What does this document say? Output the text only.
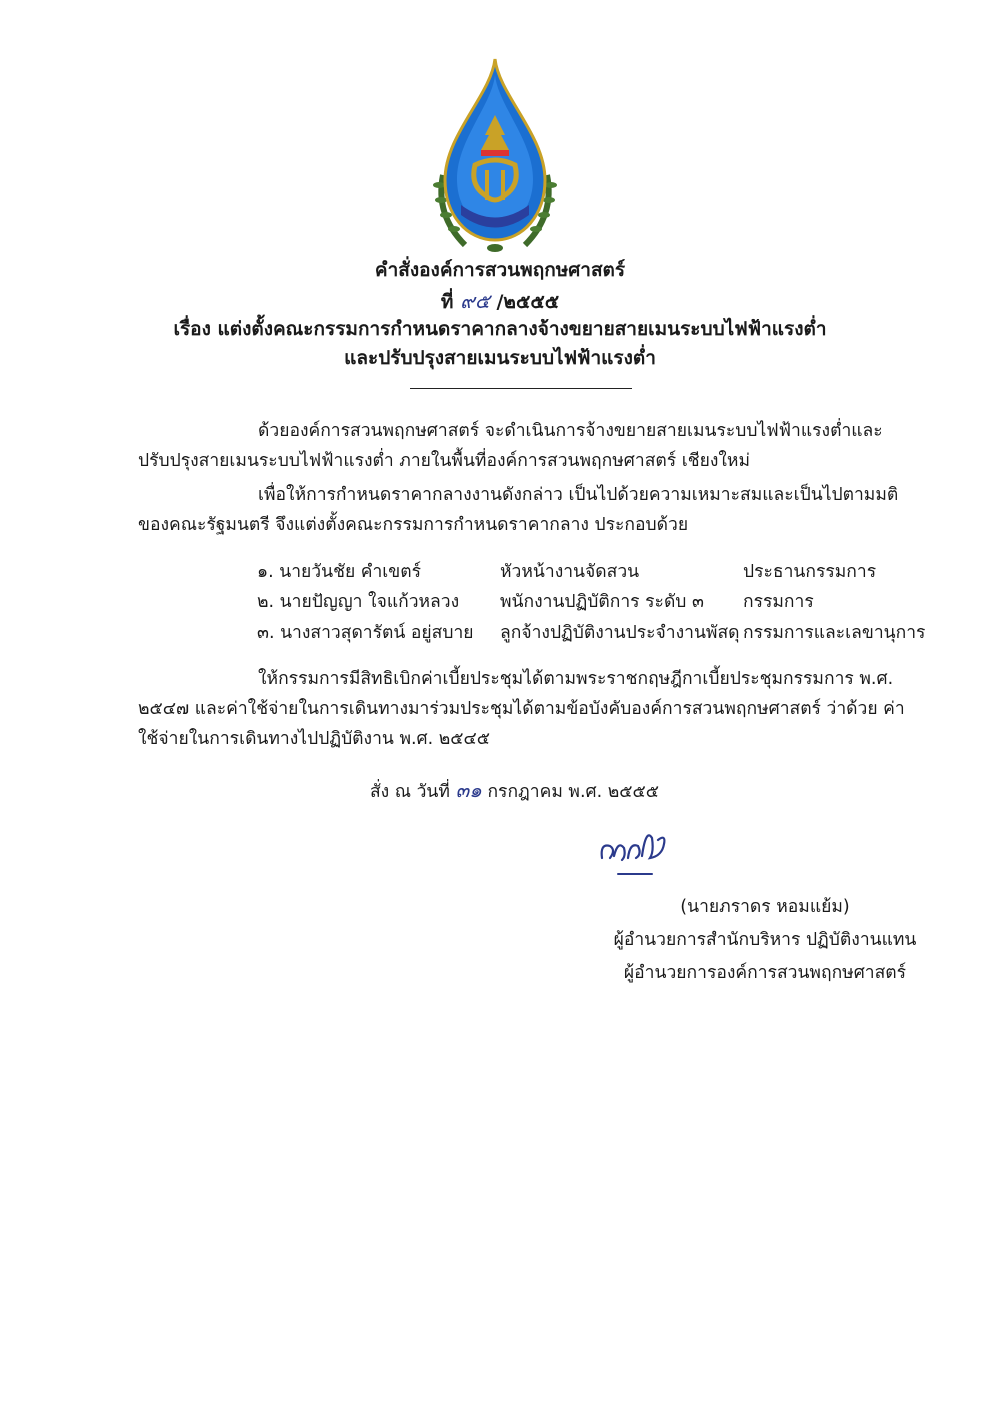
คำสั่งองค์การสวนพฤกษศาสตร์
ที่ ๙๕ /๒๕๕๕
เรื่อง แต่งตั้งคณะกรรมการกำหนดราคากลางจ้างขยายสายเมนระบบไฟฟ้าแรงต่ำ
และปรับปรุงสายเมนระบบไฟฟ้าแรงต่ำ
ด้วยองค์การสวนพฤกษศาสตร์ จะดำเนินการจ้างขยายสายเมนระบบไฟฟ้าแรงต่ำและปรับปรุงสายเมนระบบไฟฟ้าแรงต่ำ ภายในพื้นที่องค์การสวนพฤกษศาสตร์ เชียงใหม่
เพื่อให้การกำหนดราคากลางงานดังกล่าว เป็นไปด้วยความเหมาะสมและเป็นไปตามมติของคณะรัฐมนตรี จึงแต่งตั้งคณะกรรมการกำหนดราคากลาง ประกอบด้วย
๑. นายวันชัย คำเขตร์	หัวหน้างานจัดสวน	ประธานกรรมการ
๒. นายปัญญา ใจแก้วหลวง พนักงานปฏิบัติการ ระดับ ๓ กรรมการ
๓. นางสาวสุดารัตน์ อยู่สบาย ลูกจ้างปฏิบัติงานประจำงานพัสดุ กรรมการและเลขานุการ
ให้กรรมการมีสิทธิเบิกค่าเบี้ยประชุมได้ตามพระราชกฤษฎีกาเบี้ยประชุมกรรมการ พ.ศ. ๒๕๔๗ และค่าใช้จ่ายในการเดินทางมาร่วมประชุมได้ตามข้อบังคับองค์การสวนพฤกษศาสตร์ ว่าด้วย ค่าใช้จ่ายในการเดินทางไปปฏิบัติงาน พ.ศ. ๒๕๔๕
สั่ง ณ วันที่ ๓๑ กรกฎาคม พ.ศ. ๒๕๕๕
(นายภราดร หอมแย้ม)
ผู้อำนวยการสำนักบริหาร ปฏิบัติงานแทน
ผู้อำนวยการองค์การสวนพฤกษศาสตร์
